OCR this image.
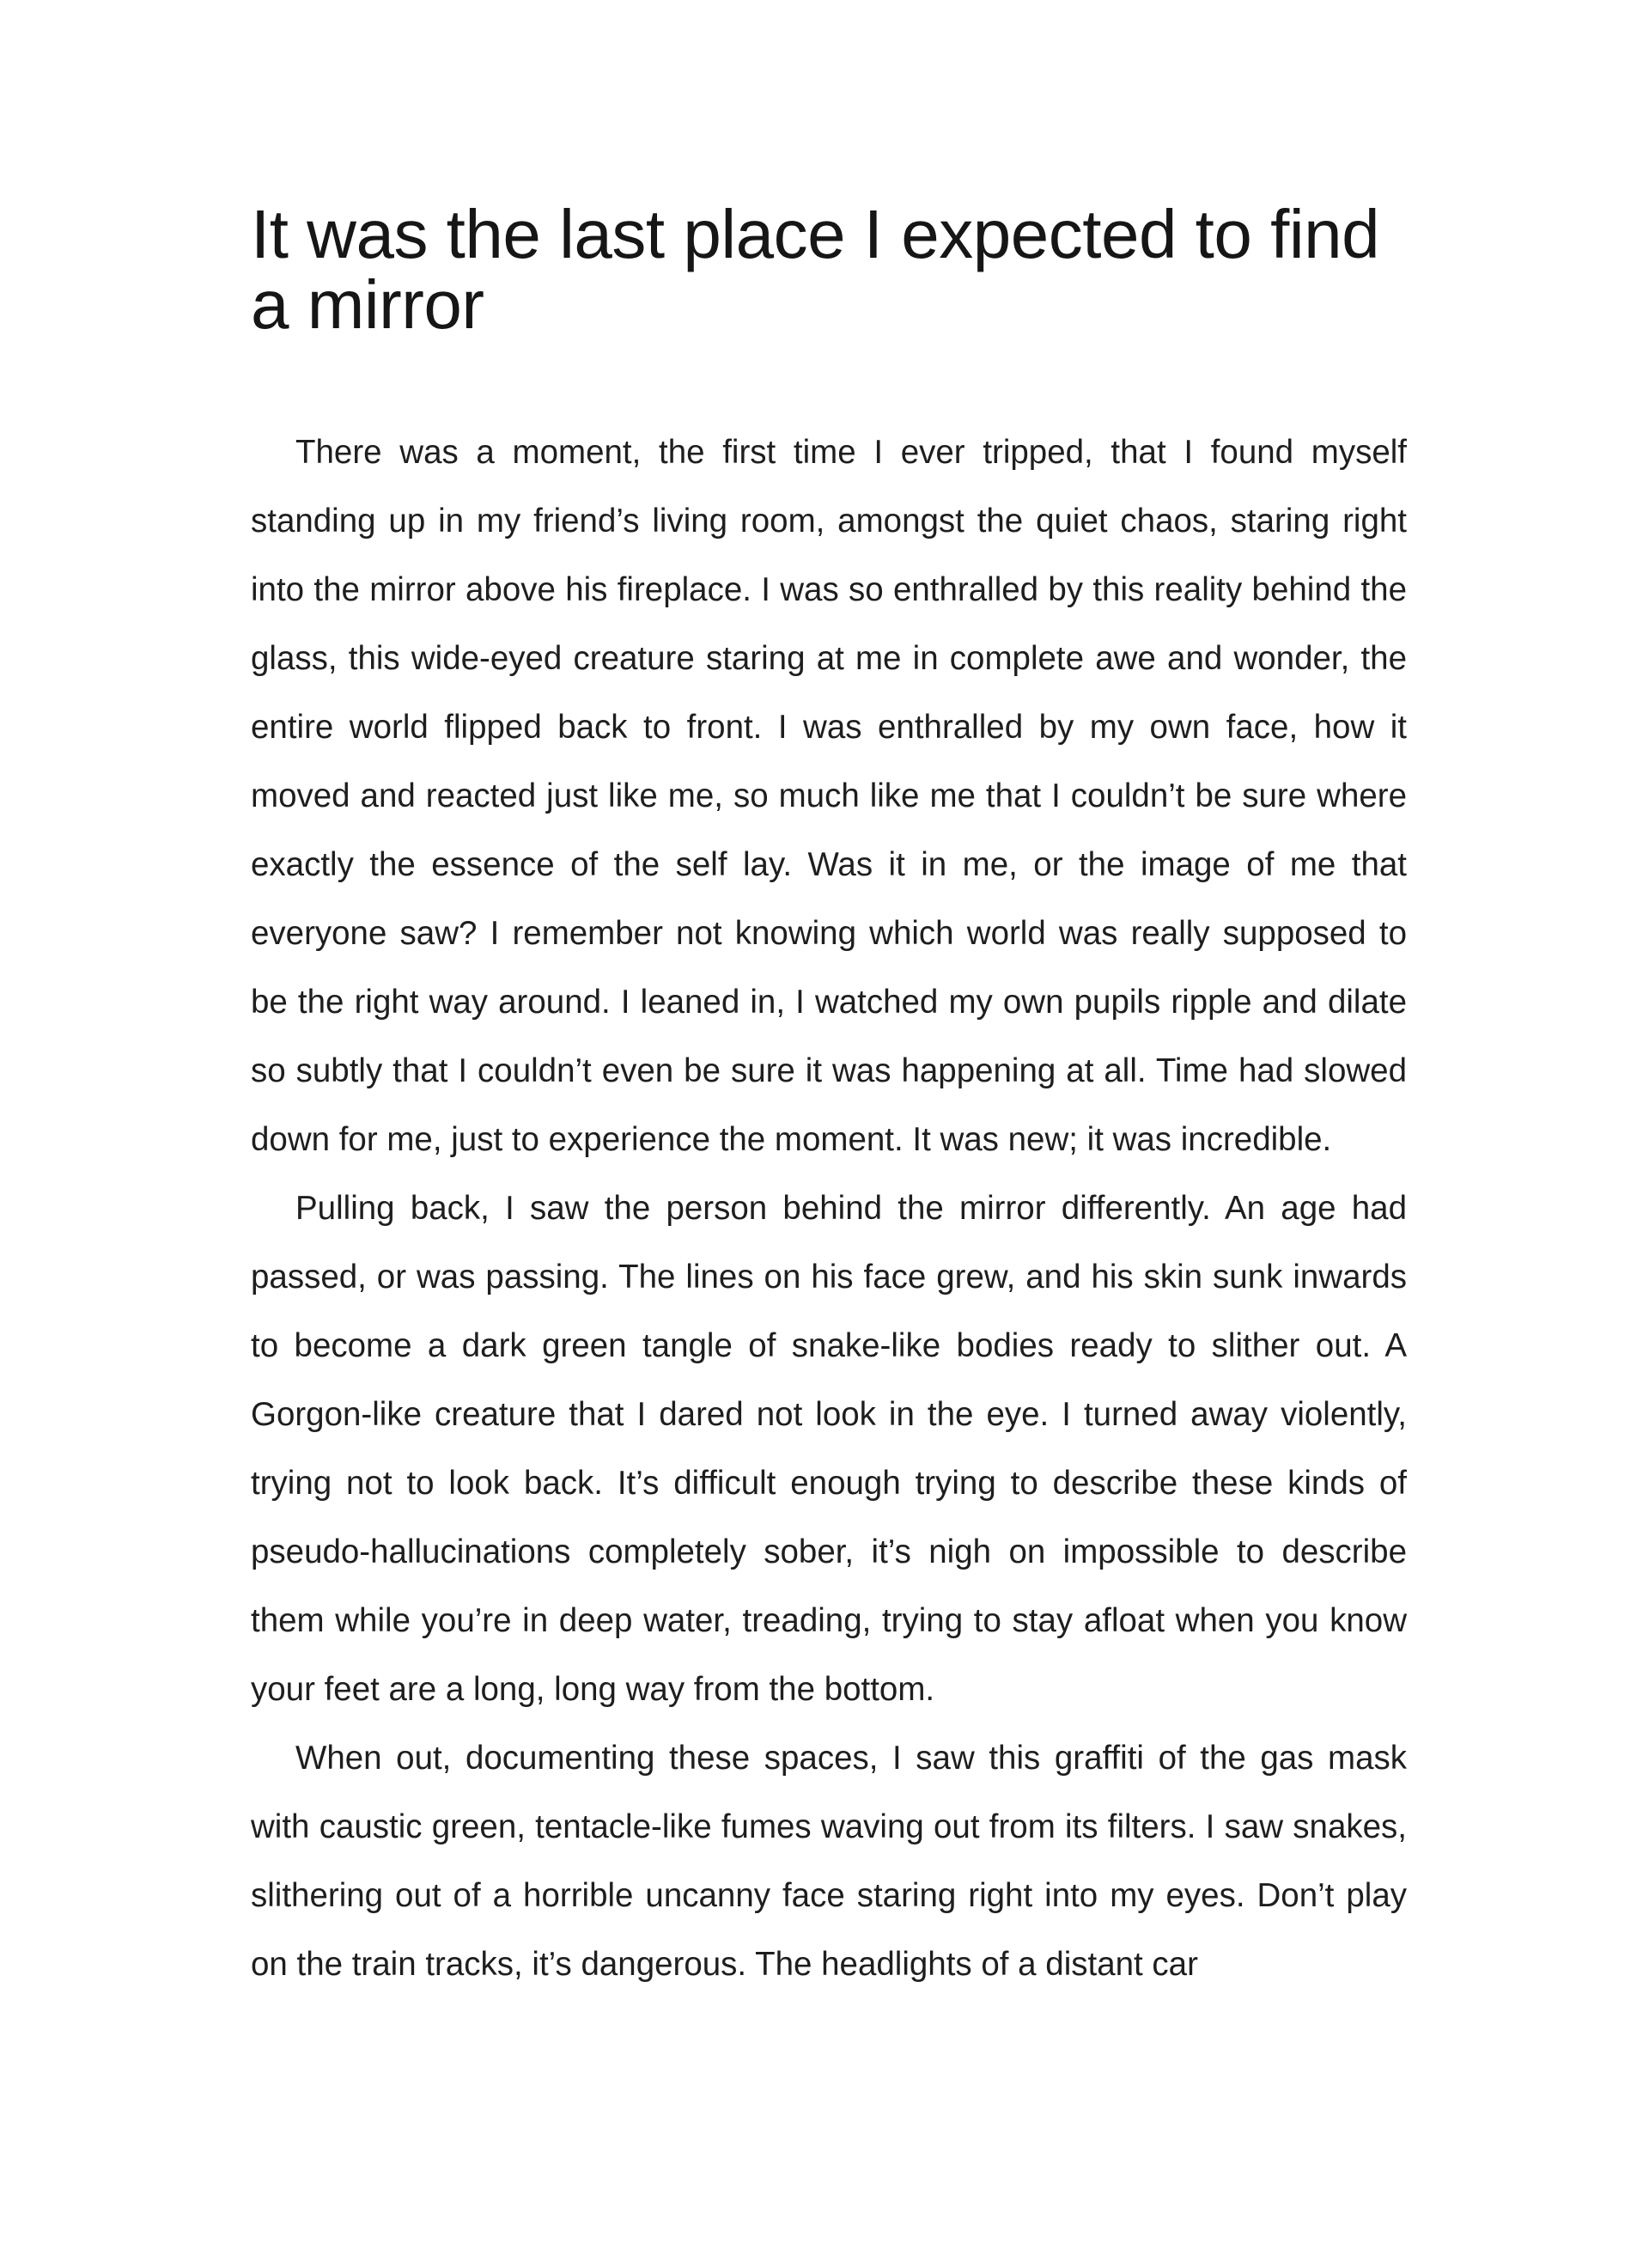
It was the last place I expected to find a mirror

There was a moment, the first time I ever tripped, that I found myself standing up in my friend’s living room, amongst the quiet chaos, staring right into the mirror above his fireplace. I was so enthralled by this reality behind the glass, this wide-eyed creature staring at me in complete awe and wonder, the entire world flipped back to front. I was enthralled by my own face, how it moved and reacted just like me, so much like me that I couldn’t be sure where exactly the essence of the self lay. Was it in me, or the image of me that everyone saw? I remember not knowing which world was really supposed to be the right way around. I leaned in, I watched my own pupils ripple and dilate so subtly that I couldn’t even be sure it was happening at all. Time had slowed down for me, just to experience the moment. It was new; it was incredible.

Pulling back, I saw the person behind the mirror differently. An age had passed, or was passing. The lines on his face grew, and his skin sunk inwards to become a dark green tangle of snake-like bodies ready to slither out. A Gorgon-like creature that I dared not look in the eye. I turned away violently, trying not to look back. It’s difficult enough trying to describe these kinds of pseudo-hallucinations completely sober, it’s nigh on impossible to describe them while you’re in deep water, treading, trying to stay afloat when you know your feet are a long, long way from the bottom.

When out, documenting these spaces, I saw this graffiti of the gas mask with caustic green, tentacle-like fumes waving out from its filters. I saw snakes, slithering out of a horrible uncanny face staring right into my eyes. Don’t play on the train tracks, it’s dangerous. The headlights of a distant car
